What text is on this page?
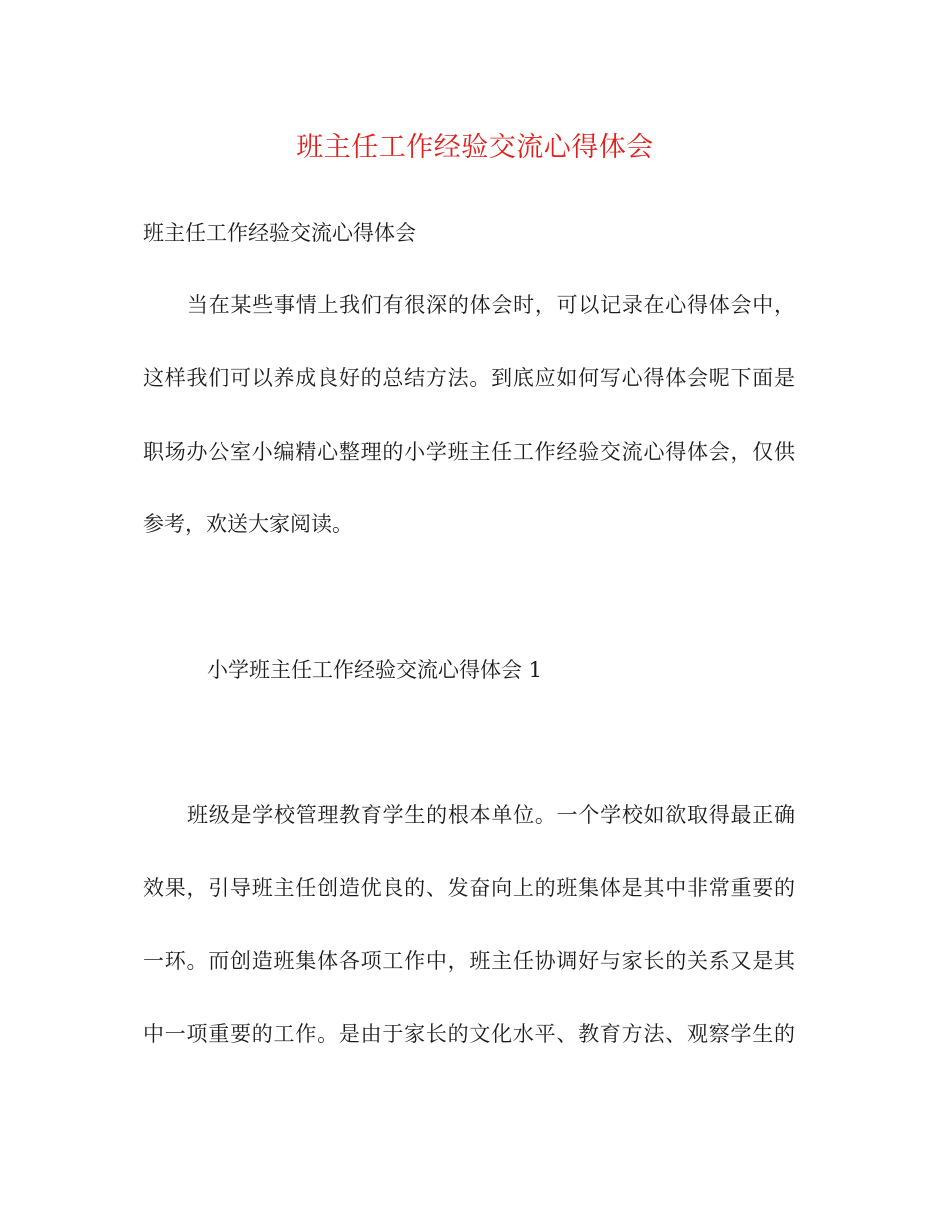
班主任工作经验交流心得体会
班主任工作经验交流心得体会
当在某些事情上我们有很深的体会时，可以记录在心得体会中，
这样我们可以养成良好的总结方法。到底应如何写心得体会呢下面是
职场办公室小编精心整理的小学班主任工作经验交流心得体会，仅供
参考，欢送大家阅读。
小学班主任工作经验交流心得体会 1
班级是学校管理教育学生的根本单位。一个学校如欲取得最正确
效果，引导班主任创造优良的、发奋向上的班集体是其中非常重要的
一环。而创造班集体各项工作中，班主任协调好与家长的关系又是其
中一项重要的工作。是由于家长的文化水平、教育方法、观察学生的
